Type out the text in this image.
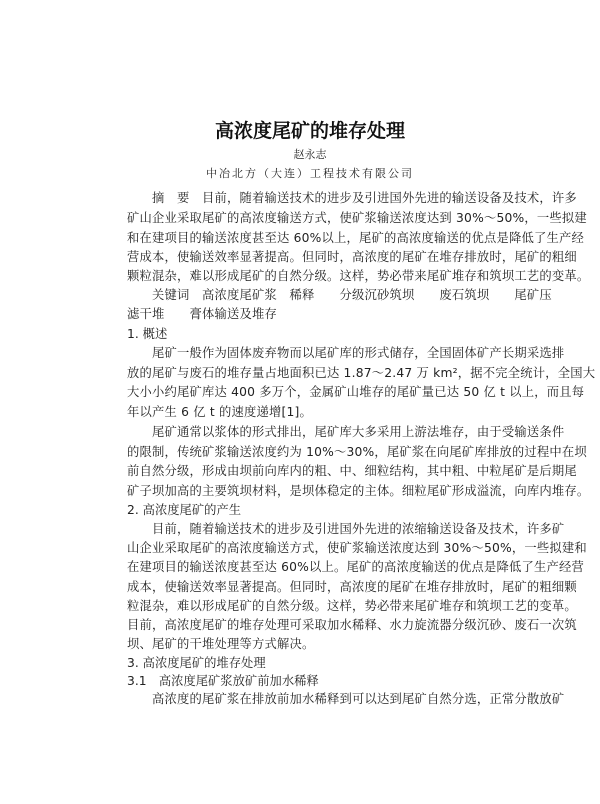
高浓度尾矿的堆存处理
赵永志
中冶北方（大连）工程技术有限公司
摘　要　目前，随着输送技术的进步及引进国外先进的输送设备及技术，许多
矿山企业采取尾矿的高浓度输送方式，使矿浆输送浓度达到 30%～50%，一些拟建
和在建项目的输送浓度甚至达 60%以上，尾矿的高浓度输送的优点是降低了生产经
营成本，使输送效率显著提高。但同时，高浓度的尾矿在堆存排放时，尾矿的粗细
颗粒混杂，难以形成尾矿的自然分级。这样，势必带来尾矿堆存和筑坝工艺的变革。
关键词　高浓度尾矿浆　稀释　　分级沉砂筑坝　　废石筑坝　　尾矿压
滤干堆　　膏体输送及堆存
1. 概述
尾矿一般作为固体废弃物而以尾矿库的形式储存，全国固体矿产长期采选排
放的尾矿与废石的堆存量占地面积已达 1.87～2.47 万 km²，据不完全统计，全国大
大小小约尾矿库达 400 多万个，金属矿山堆存的尾矿量已达 50 亿 t 以上，而且每
年以产生 6 亿 t 的速度递增[1]。
尾矿通常以浆体的形式排出，尾矿库大多采用上游法堆存，由于受输送条件
的限制，传统矿浆输送浓度约为 10%～30%，尾矿浆在向尾矿库排放的过程中在坝
前自然分级，形成由坝前向库内的粗、中、细粒结构，其中粗、中粒尾矿是后期尾
矿子坝加高的主要筑坝材料，是坝体稳定的主体。细粒尾矿形成溢流，向库内堆存。
2. 高浓度尾矿的产生
目前，随着输送技术的进步及引进国外先进的浓缩输送设备及技术，许多矿
山企业采取尾矿的高浓度输送方式，使矿浆输送浓度达到 30%～50%，一些拟建和
在建项目的输送浓度甚至达 60%以上。尾矿的高浓度输送的优点是降低了生产经营
成本，使输送效率显著提高。但同时，高浓度的尾矿在堆存排放时，尾矿的粗细颗
粒混杂，难以形成尾矿的自然分级。这样，势必带来尾矿堆存和筑坝工艺的变革。
目前，高浓度尾矿的堆存处理可采取加水稀释、水力旋流器分级沉砂、废石一次筑
坝、尾矿的干堆处理等方式解决。
3. 高浓度尾矿的堆存处理
3.1　高浓度尾矿浆放矿前加水稀释
高浓度的尾矿浆在排放前加水稀释到可以达到尾矿自然分选，正常分散放矿
